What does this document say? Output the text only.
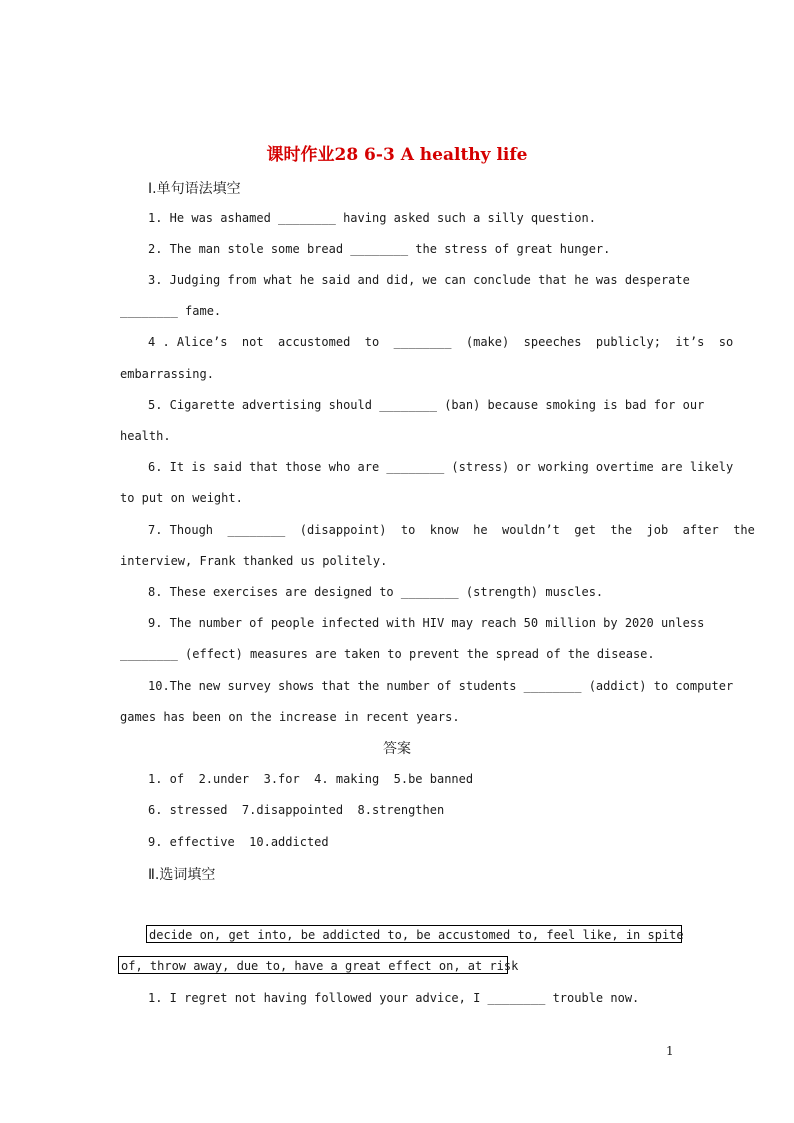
课时作业28 6-3 A healthy life
Ⅰ.单句语法填空
1. He was ashamed ________ having asked such a silly question.
2. The man stole some bread ________ the stress of great hunger.
3. Judging from what he said and did, we can conclude that he was desperate
________ fame.
4 . Alice’s  not  accustomed  to  ________  (make)  speeches  publicly;  it’s  so
embarrassing.
5. Cigarette advertising should ________ (ban) because smoking is bad for our
health.
6. It is said that those who are ________ (stress) or working overtime are likely
to put on weight.
7. Though  ________  (disappoint)  to  know  he  wouldn’t  get  the  job  after  the
interview, Frank thanked us politely.
8. These exercises are designed to ________ (strength) muscles.
9. The number of people infected with HIV may reach 50 million by 2020 unless
________ (effect) measures are taken to prevent the spread of the disease.
10.The new survey shows that the number of students ________ (addict) to computer
games has been on the increase in recent years.
答案
1. of  2.under  3.for  4. making  5.be banned
6. stressed  7.disappointed  8.strengthen
9. effective  10.addicted
Ⅱ.选词填空
decide on, get into, be addicted to, be accustomed to, feel like, in spite
of, throw away, due to, have a great effect on, at risk
1. I regret not having followed your advice, I ________ trouble now.
1
